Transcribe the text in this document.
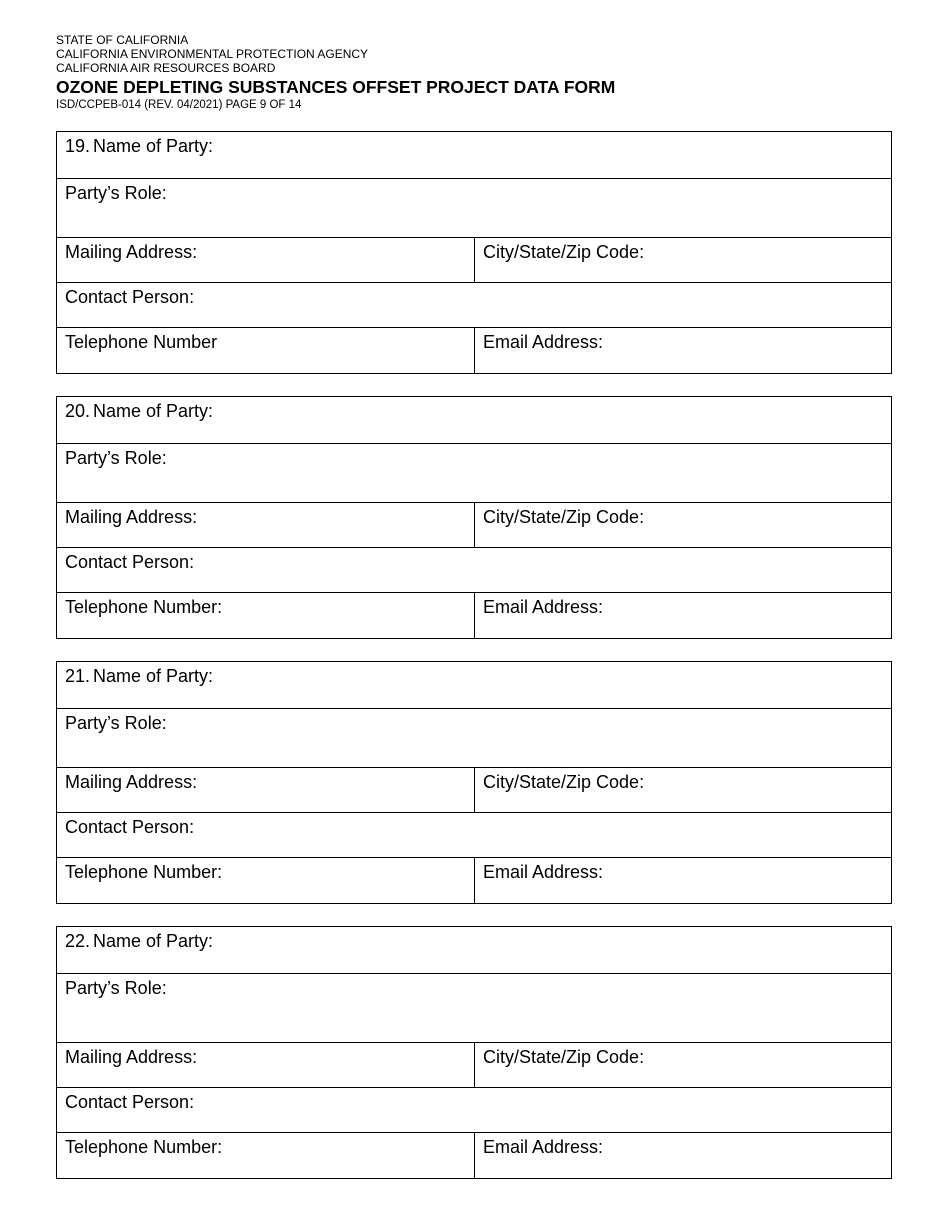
STATE OF CALIFORNIA
CALIFORNIA ENVIRONMENTAL PROTECTION AGENCY
CALIFORNIA AIR RESOURCES BOARD
OZONE DEPLETING SUBSTANCES OFFSET PROJECT DATA FORM
ISD/CCPEB-014 (REV. 04/2021) PAGE 9 OF 14
19. Name of Party:
Party’s Role:
Mailing Address:	City/State/Zip Code:
Contact Person:
Telephone Number	Email Address:
20. Name of Party:
Party’s Role:
Mailing Address:	City/State/Zip Code:
Contact Person:
Telephone Number:	Email Address:
21. Name of Party:
Party’s Role:
Mailing Address:	City/State/Zip Code:
Contact Person:
Telephone Number:	Email Address:
22. Name of Party:
Party’s Role:
Mailing Address:	City/State/Zip Code:
Contact Person:
Telephone Number:	Email Address:
